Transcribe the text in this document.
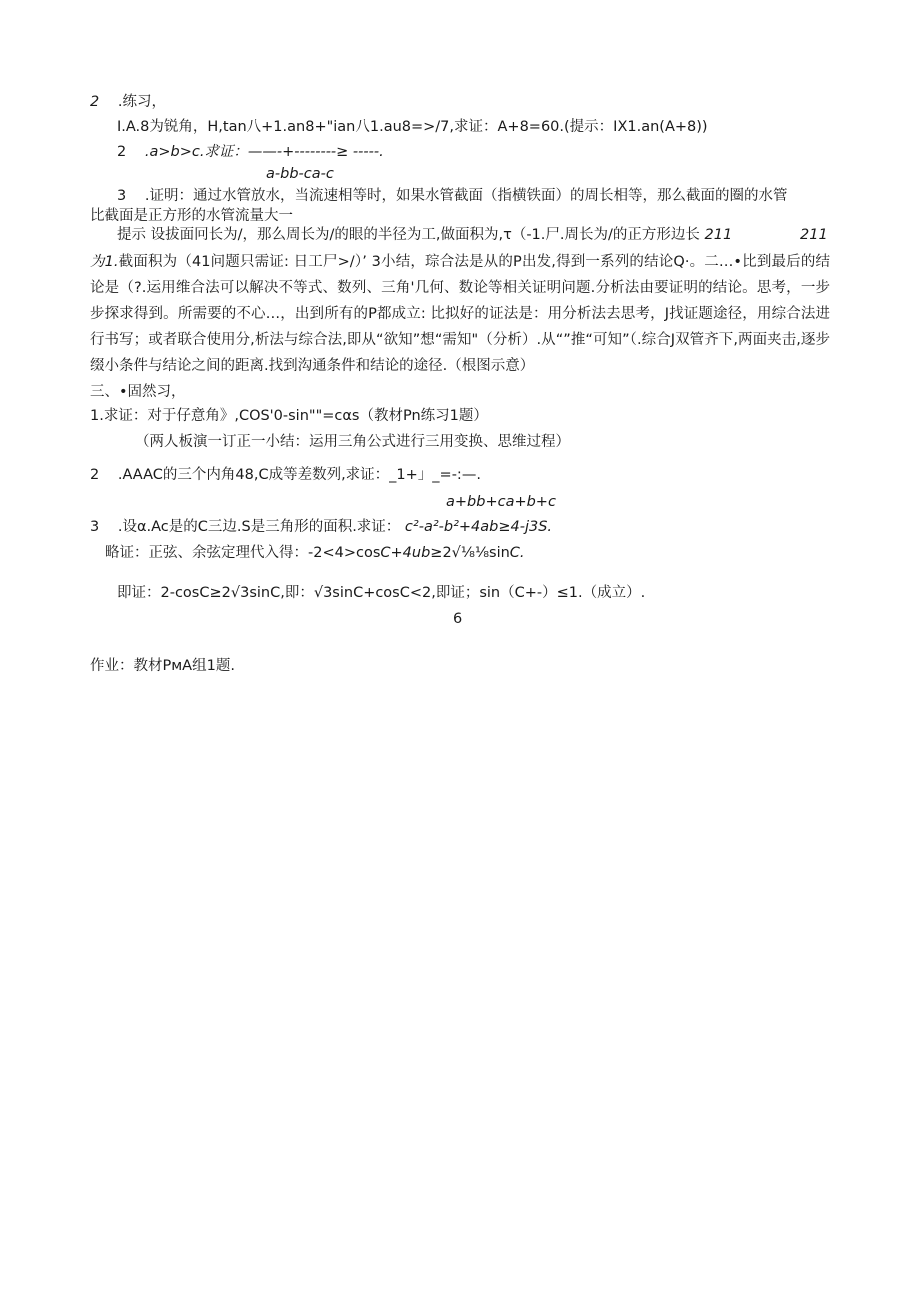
2 .练习，
I.A.8为锐角，H,tan八+1.an8+"ian八1.au8=>/7,求证：A+8=60.(提示：IX1.an(A+8))
2 .a>b>c.求证：——-+--------≥ -----.
a-bb-ca-c
3 .证明：通过水管放水，当流速相等时，如果水管截面（指横铁面）的周长相等，那么截面的圈的水管
比截面是正方形的水管流量大一
提示 设拔面冋长为/，那么周长为/的眼的半径为工,做面积为,τ（-1.尸.周长为/的正方形边长 211	211
为1.截面积为（41问题只需证: 日工尸>/）’ 3小结，琮合法是从的P出发,得到一系列的结论Q·。二…•比到最后的结论是（?.运用维合法可以解决不等式、数列、三角'几何、数论等相关证明问题.分析法由要证明的结论。思考，一步步探求得到。所需要的不心…，出到所有的P都成立: 比拟好的证法是：用分析法去思考，J找证题途径，用综合法进行书写；或者联合使用分,析法与综合法,即从“欲知”想“需知"（分析）.从“”推“可知”（.综合J双管齐下,两面夹击,逐步缀小条件与结论之间的距离.找到沟通条件和结论的途径.（根图示意）
三、•固然习，
1.求证：对于仔意角》,COS'0-sin""=cαs（教材Pn练习1题）
（两人板演一订正一小结：运用三角公式进行三用变换、思维过程）
2 .AAAC的三个内角48,C成等差数列,求证：_1+」_=-:—.
a+bb+ca+b+c
3 .设α.Ac是的C三边.S是三角形的面积.求证： c²-a²-b²+4ab≥4-j3S.
略证：正弦、余弦定理代入得：-2<4>cosC+4ub≥2√⅛⅛sinC.
即证：2-cosC≥2√3sinC,即：√3sinC+cosC<2,即证；sin（C+-）≤1.（成立）.
6
作业：教材PмA组1题.
